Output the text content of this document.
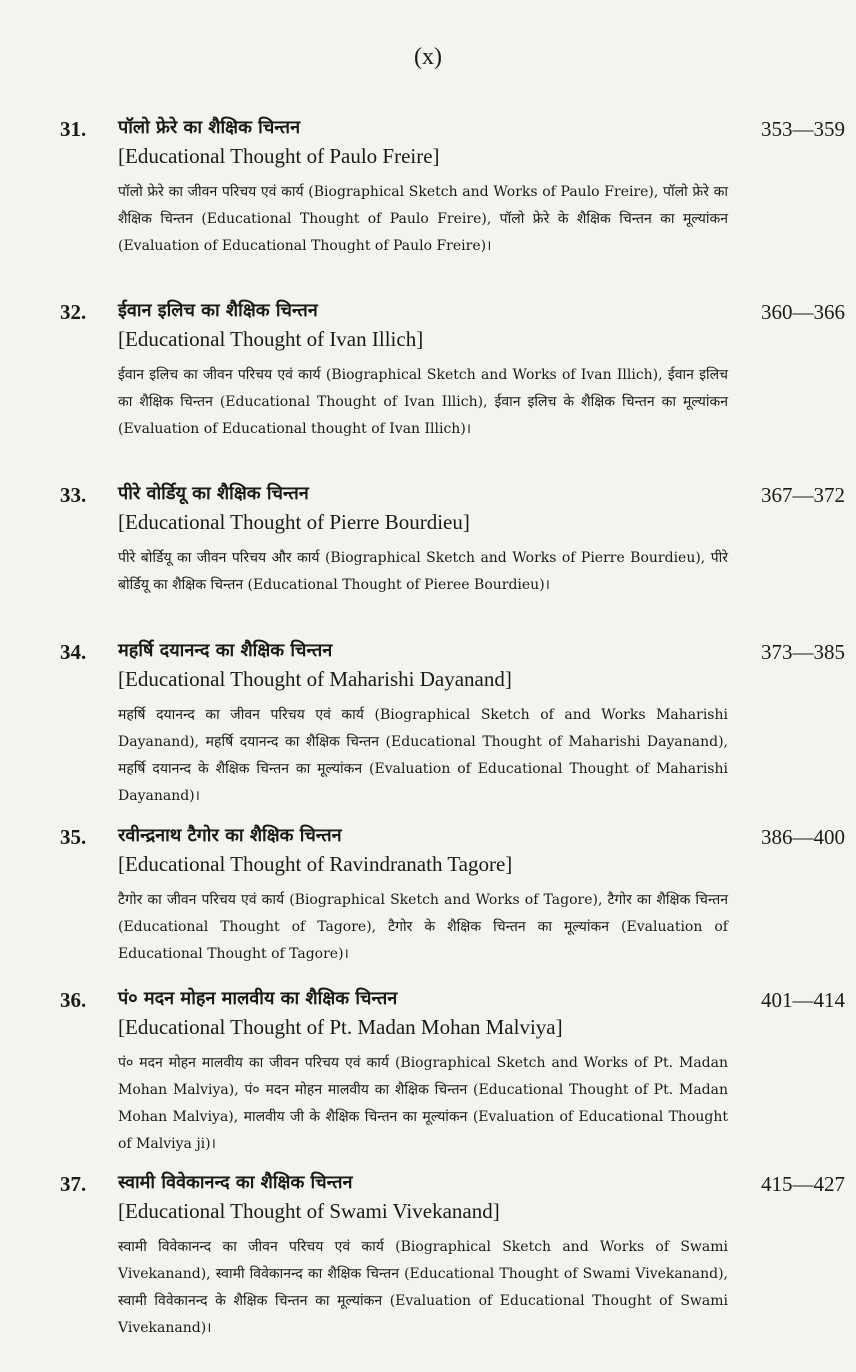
(x)
31. पॉलो फ्रेरे का शैक्षिक चिन्तन	353—359
[Educational Thought of Paulo Freire]
पॉलो फ्रेरे का जीवन परिचय एवं कार्य (Biographical Sketch and Works of Paulo Freire), पॉलो फ्रेरे का शैक्षिक चिन्तन (Educational Thought of Paulo Freire), पॉलो फ्रेरे के शैक्षिक चिन्तन का मूल्यांकन (Evaluation of Educational Thought of Paulo Freire)।
32. ईवान इलिच का शैक्षिक चिन्तन	360—366
[Educational Thought of Ivan Illich]
ईवान इलिच का जीवन परिचय एवं कार्य (Biographical Sketch and Works of Ivan Illich), ईवान इलिच का शैक्षिक चिन्तन (Educational Thought of Ivan Illich), ईवान इलिच के शैक्षिक चिन्तन का मूल्यांकन (Evaluation of Educational thought of Ivan Illich)।
33. पीरे वोर्डियू का शैक्षिक चिन्तन	367—372
[Educational Thought of Pierre Bourdieu]
पीरे बोर्डियू का जीवन परिचय और कार्य (Biographical Sketch and Works of Pierre Bourdieu), पीरे बोर्डियू का शैक्षिक चिन्तन (Educational Thought of Pieree Bourdieu)।
34. महर्षि दयानन्द का शैक्षिक चिन्तन	373—385
[Educational Thought of Maharishi Dayanand]
महर्षि दयानन्द का जीवन परिचय एवं कार्य (Biographical Sketch of and Works Maharishi Dayanand), महर्षि दयानन्द का शैक्षिक चिन्तन (Educational Thought of Maharishi Dayanand), महर्षि दयानन्द के शैक्षिक चिन्तन का मूल्यांकन (Evaluation of Educational Thought of Maharishi Dayanand)।
35. रवीन्द्रनाथ टैगोर का शैक्षिक चिन्तन	386—400
[Educational Thought of Ravindranath Tagore]
टैगोर का जीवन परिचय एवं कार्य (Biographical Sketch and Works of Tagore), टैगोर का शैक्षिक चिन्तन (Educational Thought of Tagore), टैगोर के शैक्षिक चिन्तन का मूल्यांकन (Evaluation of Educational Thought of Tagore)।
36. पं० मदन मोहन मालवीय का शैक्षिक चिन्तन	401—414
[Educational Thought of Pt. Madan Mohan Malviya]
पं० मदन मोहन मालवीय का जीवन परिचय एवं कार्य (Biographical Sketch and Works of Pt. Madan Mohan Malviya), पं० मदन मोहन मालवीय का शैक्षिक चिन्तन (Educational Thought of Pt. Madan Mohan Malviya), मालवीय जी के शैक्षिक चिन्तन का मूल्यांकन (Evaluation of Educational Thought of Malviya ji)।
37. स्वामी विवेकानन्द का शैक्षिक चिन्तन	415—427
[Educational Thought of Swami Vivekanand]
स्वामी विवेकानन्द का जीवन परिचय एवं कार्य (Biographical Sketch and Works of Swami Vivekanand), स्वामी विवेकानन्द का शैक्षिक चिन्तन (Educational Thought of Swami Vivekanand), स्वामी विवेकानन्द के शैक्षिक चिन्तन का मूल्यांकन (Evaluation of Educational Thought of Swami Vivekanand)।
